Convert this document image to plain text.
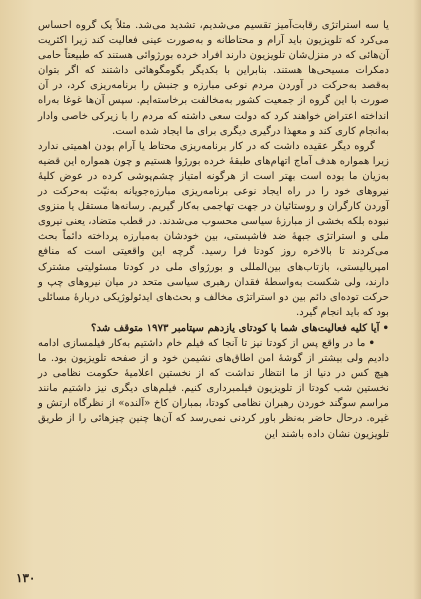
یا سه استراتژی رقابت‌آمیز تقسیم می‌شدیم، تشدید می‌شد. مثلاً یک گروه احساس می‌کرد که تلویزیون باید آرام و محتاطانه و به‌صورت عینی فعالیت کند زیرا اکثریت آن‌هائی که در منزل‌شان تلویزیون دارند افراد خرده بورژوائی هستند که طبیعتاً حامی دمکرات مسیحی‌ها هستند. بنابراین با بکدیگر بگومگوهائی داشتند که اگر بتوان به‌قصد به‌حرکت در آوردن مردم نوعی مبارزه و جنبش را برنامه‌ریزی کرد، در آن صورت با این گروه از جمعیت کشور به‌مخالفت برخاسته‌ایم. سپس آن‌ها غوغا به‌راه انداخته اعتراض خواهند کرد که دولت سعی داشته که مردم را با زیرکی خاصی وادار به‌انجام کاری کند و معهذا درگیری دیگری برای ما ایجاد شده است.

گروه دیگر عقیده داشت که در کار برنامه‌ریزی محتاط یا آرام بودن اهمیتی ندارد زیرا همواره هدف آماج اتهام‌های طبقهٔ خرده بورژوا هستیم و چون همواره این قضیه به‌زیان ما بوده است بهتر است از هرگونه امتیاز چشم‌پوشی کرده در عوض کلیهٔ نیروهای خود را در راه ایجاد نوعی برنامه‌ریزی مبارزه‌جویانه به‌نیّت به‌حرکت در آوردن کارگران و روستائیان در جهت تهاجمی به‌کار گیریم. رسانه‌ها مستقل یا منزوی نبوده بلکه بخشی از مبارزهٔ سیاسی محسوب می‌شدند. در قطب متضاد، یعنی نیروی ملی و استراتژی جبههٔ ضد فاشیستی، بین خودشان به‌مبارزه پرداخته دائماً بحث می‌کردند تا بالاخره روز کودتا فرا رسید. گرچه این واقعیتی است که منافع امپریالیستی، بازتاب‌های بین‌المللی و بورژوای ملی در کودتا مسئولیتی مشترک دارند، ولی شکست به‌واسطهٔ فقدان رهبری سیاسی متحد در میان نیروهای چپ و حرکت توده‌ای دائم بین دو استراتژی مخالف و بحث‌های ایدئولوژیکی دربارهٔ مسائلی بود که باید انجام گیرد.

•آیا کلیه فعالیت‌های شما با کودتای یازدهم سپتامبر ۱۹۷۳ متوقف شد؟

•ما در واقع پس از کودتا نیز تا آنجا که فیلم خام داشتیم به‌کار فیلمسازی ادامه دادیم ولی بیشتر از گوشهٔ امن اطاق‌های نشیمن خود و از صفحه تلویزیون بود. ما هیچ کس در دنیا از ما انتظار نداشت که از نخستین اعلامیهٔ حکومت نظامی در نخستین شب کودتا از تلویزیون فیلمبرداری کنیم. فیلم‌های دیگری نیز داشتیم مانند مراسم سوگند خوردن رهبران نظامی کودتا، بمباران کاخ «آلنده» از نظرگاه ارتش و غیره. درحال حاضر به‌نظر باور کردنی نمی‌رسد که آن‌ها چنین چیزهائی را از طریق تلویزیون نشان داده باشند این

۱۳۰
